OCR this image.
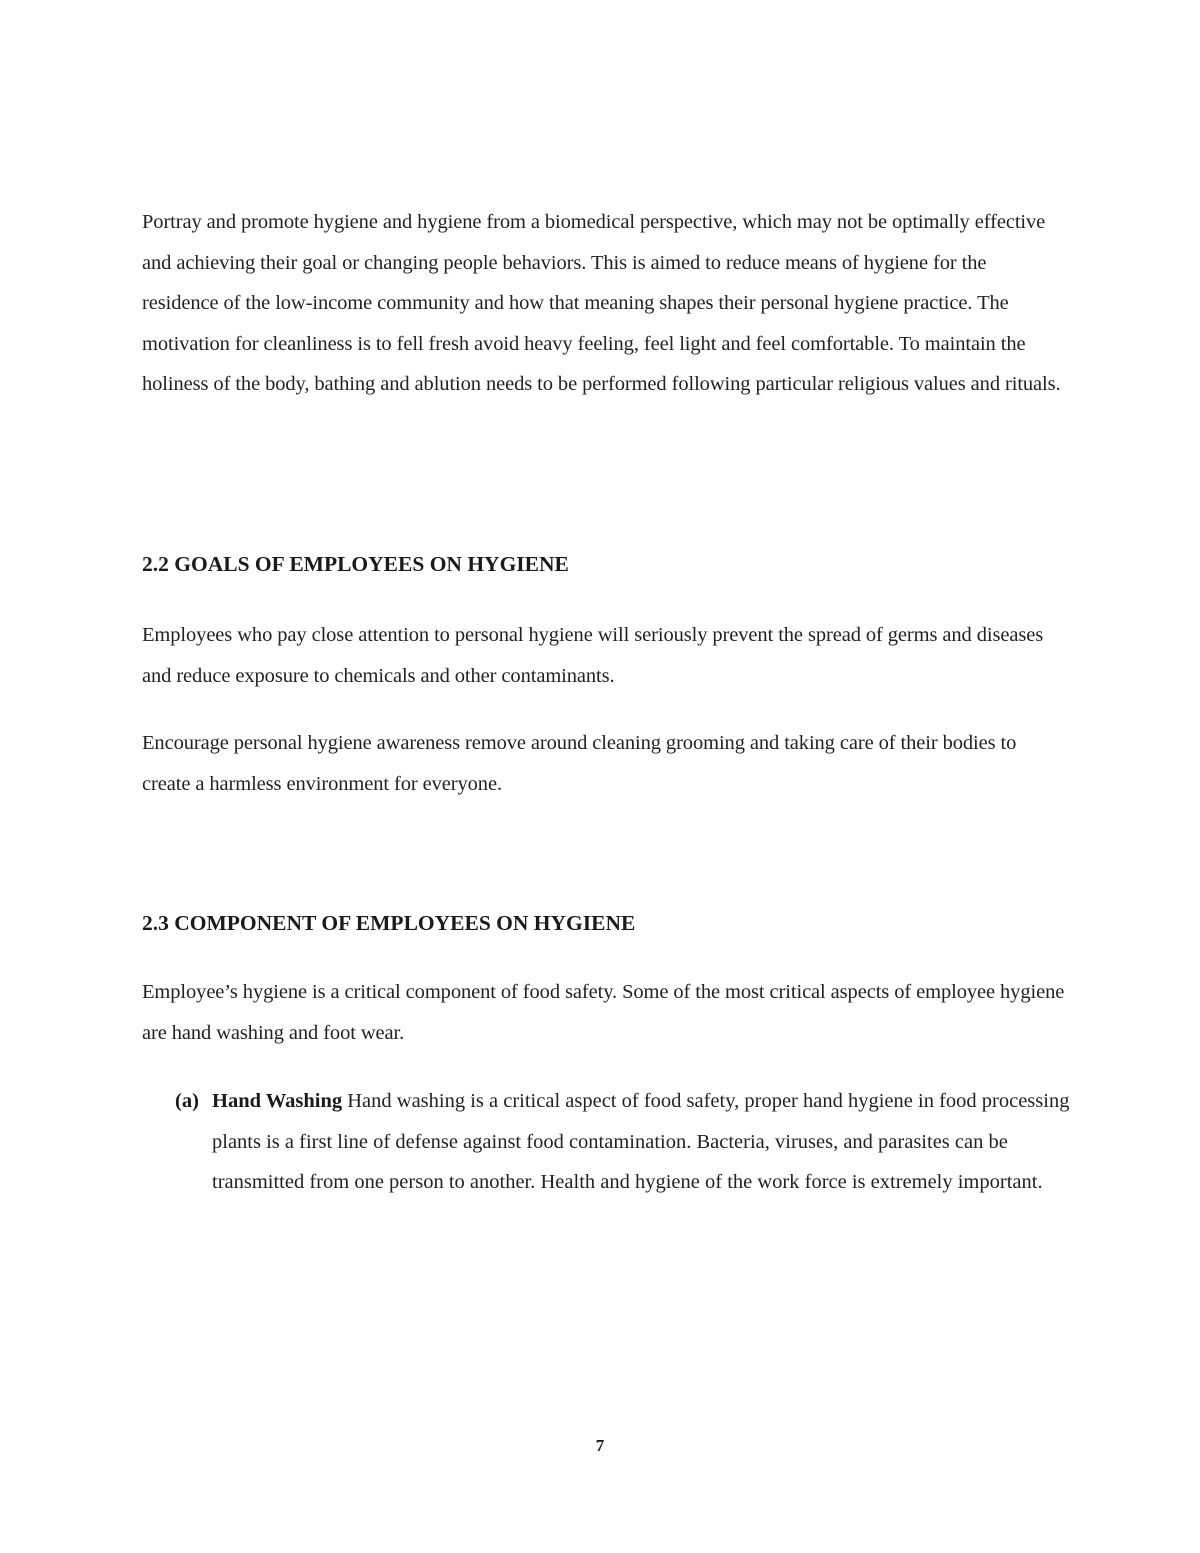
Portray and promote hygiene and hygiene from a biomedical perspective, which may not be optimally effective and achieving their goal or changing people behaviors. This is aimed to reduce means of hygiene for the residence of the low-income community and how that meaning shapes their personal hygiene practice. The motivation for cleanliness is to fell fresh avoid heavy feeling, feel light and feel comfortable. To maintain the holiness of the body, bathing and ablution needs to be performed following particular religious values and rituals.

2.2 GOALS OF EMPLOYEES ON HYGIENE

Employees who pay close attention to personal hygiene will seriously prevent the spread of germs and diseases and reduce exposure to chemicals and other contaminants.

Encourage personal hygiene awareness remove around cleaning grooming and taking care of their bodies to create a harmless environment for everyone.

2.3 COMPONENT OF EMPLOYEES ON HYGIENE

Employee’s hygiene is a critical component of food safety. Some of the most critical aspects of employee hygiene are hand washing and foot wear.

(a) Hand Washing Hand washing is a critical aspect of food safety, proper hand hygiene in food processing plants is a first line of defense against food contamination. Bacteria, viruses, and parasites can be transmitted from one person to another. Health and hygiene of the work force is extremely important.
7
